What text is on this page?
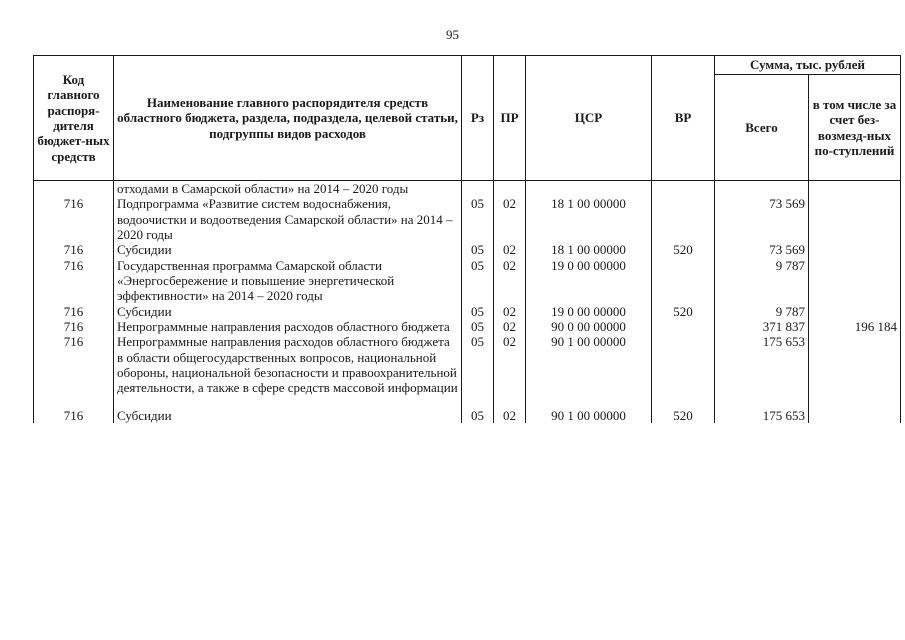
95
Код главного распоря-дителя бюджет-ных средств	Наименование главного распорядителя средств областного бюджета, раздела, подраздела, целевой статьи, подгруппы видов расходов	Рз	ПР	ЦСР	ВР	Сумма, тыс. рублей	
						Всего	в том числе за счет без-возмезд-ных по-ступлений
	отходами в Самарской области» на 2014 – 2020 годы						
716	Подпрограмма «Развитие систем водоснабжения, водоочистки и водоотведения Самарской области» на 2014 – 2020 годы	05	02	18 1 00 00000		73 569	
716	Субсидии	05	02	18 1 00 00000	520	73 569	
716	Государственная программа Самарской области «Энергосбережение и повышение энергетической эффективности» на 2014 – 2020 годы	05	02	19 0 00 00000		9 787	
716	Субсидии	05	02	19 0 00 00000	520	9 787	
716	Непрограммные направления расходов областного бюджета	05	02	90 0 00 00000		371 837	196 184
716	Непрограммные направления расходов областного бюджета в области общегосударственных вопросов, национальной обороны, национальной безопасности и правоохранительной деятельности, а также в сфере средств массовой информации	05	02	90 1 00 00000		175 653	

716	Субсидии	05	02	90 1 00 00000	520	175 653	
